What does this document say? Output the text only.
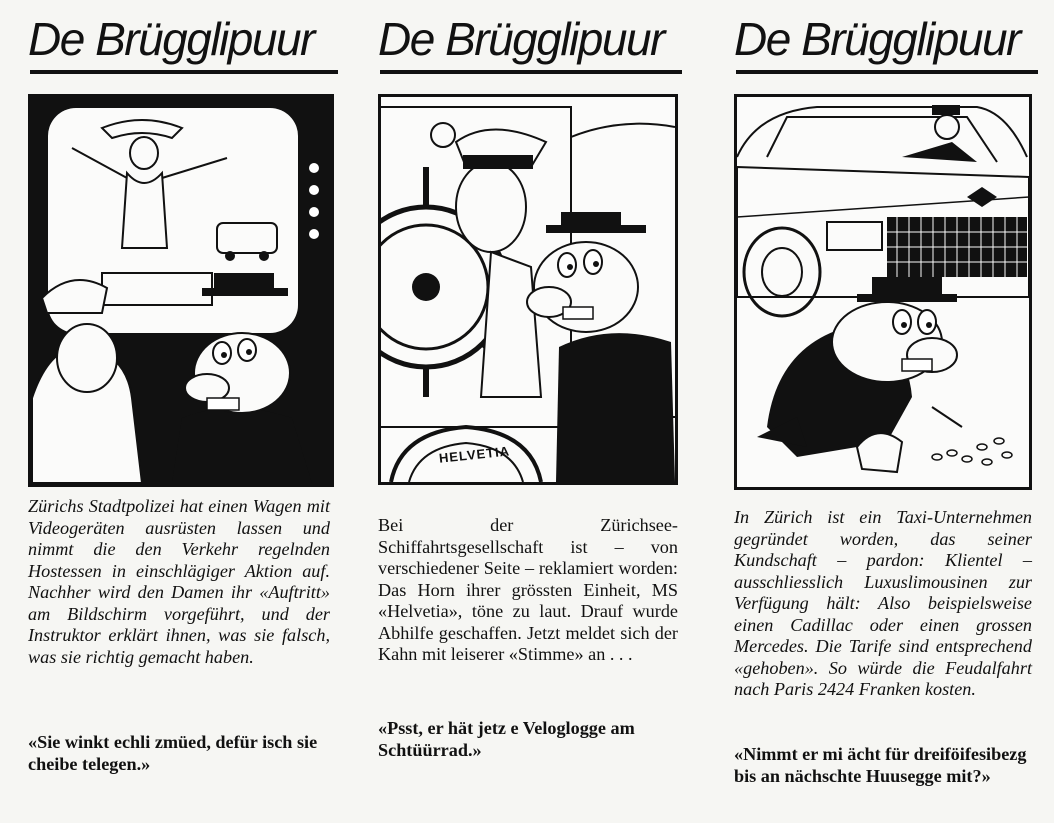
De Brügglipuur
Zürichs Stadtpolizei hat einen Wagen mit Videogeräten ausrüsten lassen und nimmt die den Verkehr regelnden Hostessen in einschlägiger Aktion auf. Nachher wird den Damen ihr «Auftritt» am Bildschirm vorgeführt, und der Instruktor erklärt ihnen, was sie falsch, was sie richtig gemacht haben.
«Sie winkt echli zmüed, defür isch sie cheibe telegen.»
De Brügglipuur
HELVETIA
Bei der Zürichsee-Schiffahrtsgesellschaft ist – von verschiedener Seite – reklamiert worden: Das Horn ihrer grössten Einheit, MS «Helvetia», töne zu laut. Drauf wurde Abhilfe geschaffen. Jetzt meldet sich der Kahn mit leiserer «Stimme» an . . .
«Psst, er hät jetz e Veloglogge am Schtüürrad.»
De Brügglipuur
In Zürich ist ein Taxi-Unternehmen gegründet worden, das seiner Kundschaft – pardon: Klientel – ausschliesslich Luxuslimousinen zur Verfügung hält: Also beispielsweise einen Cadillac oder einen grossen Mercedes. Die Tarife sind entsprechend «gehoben». So würde die Feudalfahrt nach Paris 2424 Franken kosten.
«Nimmt er mi ächt für dreiföifesibezg bis an nächschte Huusegge mit?»
